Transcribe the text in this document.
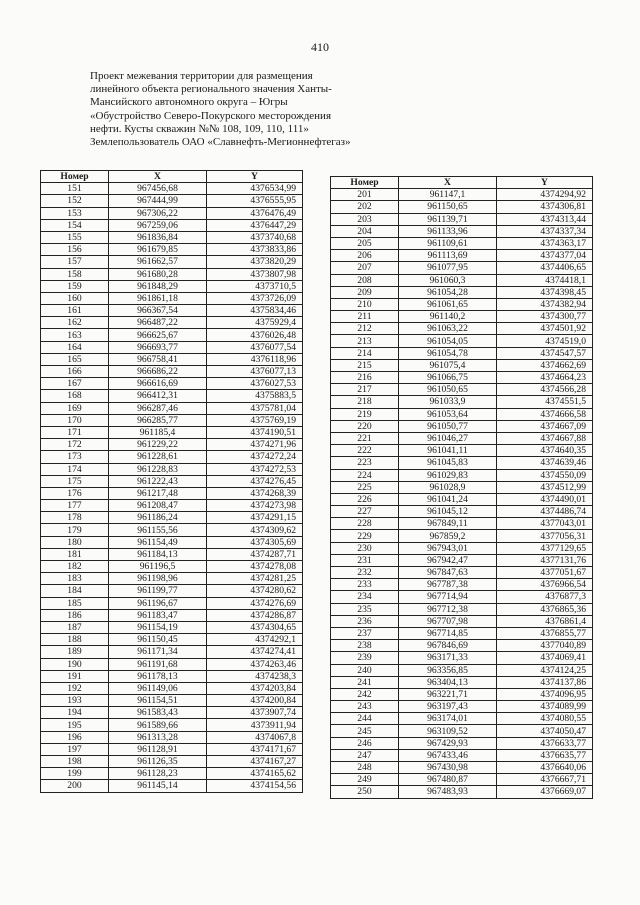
410
Проект межевания территории для размещения
линейного объекта регионального значения Ханты-
Мансийского автономного округа – Югры
«Обустройство Северо-Покурского месторождения
нефти. Кусты скважин №№ 108, 109, 110, 111»
Землепользователь ОАО «Славнефть-Мегионнефтегаз»
Номер	X	Y
151	967456,68	4376534,99
152	967444,99	4376555,95
153	967306,22	4376476,49
154	967259,06	4376447,29
155	961836,84	4373740,68
156	961679,85	4373833,86
157	961662,57	4373820,29
158	961680,28	4373807,98
159	961848,29	4373710,5
160	961861,18	4373726,09
161	966367,54	4375834,46
162	966487,22	4375929,4
163	966625,67	4376026,48
164	966693,77	4376077,54
165	966758,41	4376118,96
166	966686,22	4376077,13
167	966616,69	4376027,53
168	966412,31	4375883,5
169	966287,46	4375781,04
170	966285,77	4375769,19
171	961185,4	4374190,51
172	961229,22	4374271,96
173	961228,61	4374272,24
174	961228,83	4374272,53
175	961222,43	4374276,45
176	961217,48	4374268,39
177	961208,47	4374273,98
178	961186,24	4374291,15
179	961155,56	4374309,62
180	961154,49	4374305,69
181	961184,13	4374287,71
182	961196,5	4374278,08
183	961198,96	4374281,25
184	961199,77	4374280,62
185	961196,67	4374276,69
186	961183,47	4374286,87
187	961154,19	4374304,65
188	961150,45	4374292,1
189	961171,34	4374274,41
190	961191,68	4374263,46
191	961178,13	4374238,3
192	961149,06	4374203,84
193	961154,51	4374200,84
194	961583,43	4373907,74
195	961589,66	4373911,94
196	961313,28	4374067,8
197	961128,91	4374171,67
198	961126,35	4374167,27
199	961128,23	4374165,62
200	961145,14	4374154,56
Номер	X	Y
201	961147,1	4374294,92
202	961150,65	4374306,81
203	961139,71	4374313,44
204	961133,96	4374337,34
205	961109,61	4374363,17
206	961113,69	4374377,04
207	961077,95	4374406,65
208	961060,3	4374418,1
209	961054,28	4374398,45
210	961061,65	4374382,94
211	961140,2	4374300,77
212	961063,22	4374501,92
213	961054,05	4374519,0
214	961054,78	4374547,57
215	961075,4	4374662,69
216	961066,75	4374664,23
217	961050,65	4374566,28
218	961033,9	4374551,5
219	961053,64	4374666,58
220	961050,77	4374667,09
221	961046,27	4374667,88
222	961041,11	4374640,35
223	961045,83	4374639,46
224	961029,83	4374550,09
225	961028,9	4374512,99
226	961041,24	4374490,01
227	961045,12	4374486,74
228	967849,11	4377043,01
229	967859,2	4377056,31
230	967943,01	4377129,65
231	967942,47	4377131,76
232	967847,63	4377051,67
233	967787,38	4376966,54
234	967714,94	4376877,3
235	967712,38	4376865,36
236	967707,98	4376861,4
237	967714,85	4376855,77
238	967846,69	4377040,89
239	963171,33	4374069,41
240	963356,85	4374124,25
241	963404,13	4374137,86
242	963221,71	4374096,95
243	963197,43	4374089,99
244	963174,01	4374080,55
245	963109,52	4374050,47
246	967429,93	4376633,77
247	967433,46	4376635,77
248	967430,98	4376640,06
249	967480,87	4376667,71
250	967483,93	4376669,07
